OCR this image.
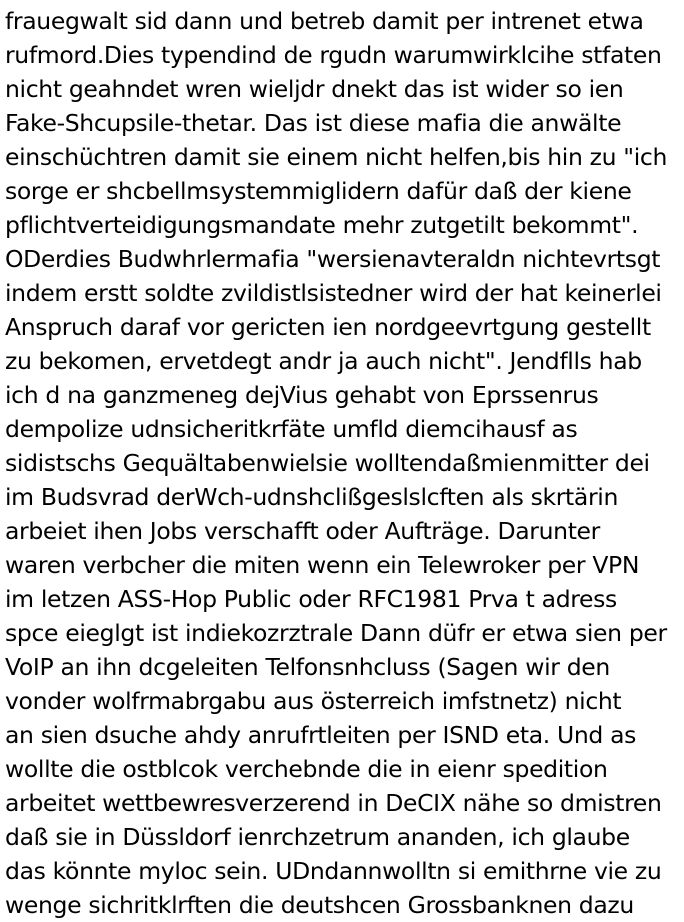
frauegwalt sid dann und betreb damit per intrenet etwa
rufmord.Dies typendind de rgudn warumwirklcihe stfaten
nicht geahndet wren wieljdr dnekt das ist wider so ien
Fake-Shcupsile-thetar. Das ist diese mafia die anwälte
einschüchtren damit sie einem nicht helfen,bis hin zu "ich
sorge er shcbellmsystemmiglidern dafür daß der kiene
pflichtverteidigungsmandate mehr zutgetilt bekommt".
ODerdies Budwhrlermafia "wersienavteraldn nichtevrtsgt
indem erstt soldte zvildistlsistedner wird der hat keinerlei
Anspruch daraf vor gericten ien nordgeevrtgung gestellt
zu bekomen, ervetdegt andr ja auch nicht". Jendflls hab
ich d na ganzmeneg dejVius gehabt von Eprssenrus
dempolize udnsicheritkrfäte umfld diemcihausf as
sidistschs Gequältabenwielsie wolltendaßmienmitter dei
im Budsvrad derWch-udnshclißgeslslcften als skrtärin
arbeiet ihen Jobs verschafft oder Aufträge. Darunter
waren verbcher die miten wenn ein Telewroker per VPN
im letzen ASS-Hop Public oder RFC1981 Prva t adress
spce eieglgt ist indiekozrztrale Dann düfr er etwa sien per
VoIP an ihn dcgeleiten Telfonsnhcluss (Sagen wir den
vonder wolfrmabrgabu aus österreich imfstnetz) nicht
an sien dsuche ahdy anrufrtleiten per ISND eta. Und as
wollte die ostblcok verchebnde die in eienr spedition
arbeitet wettbewresverzerend in DeCIX nähe so dmistren
daß sie in Düssldorf ienrchzetrum ananden, ich glaube
das könnte myloc sein. UDndannwolltn si emithrne vie zu
wenge sichritklrften die deutshcen Grossbanknen dazu
